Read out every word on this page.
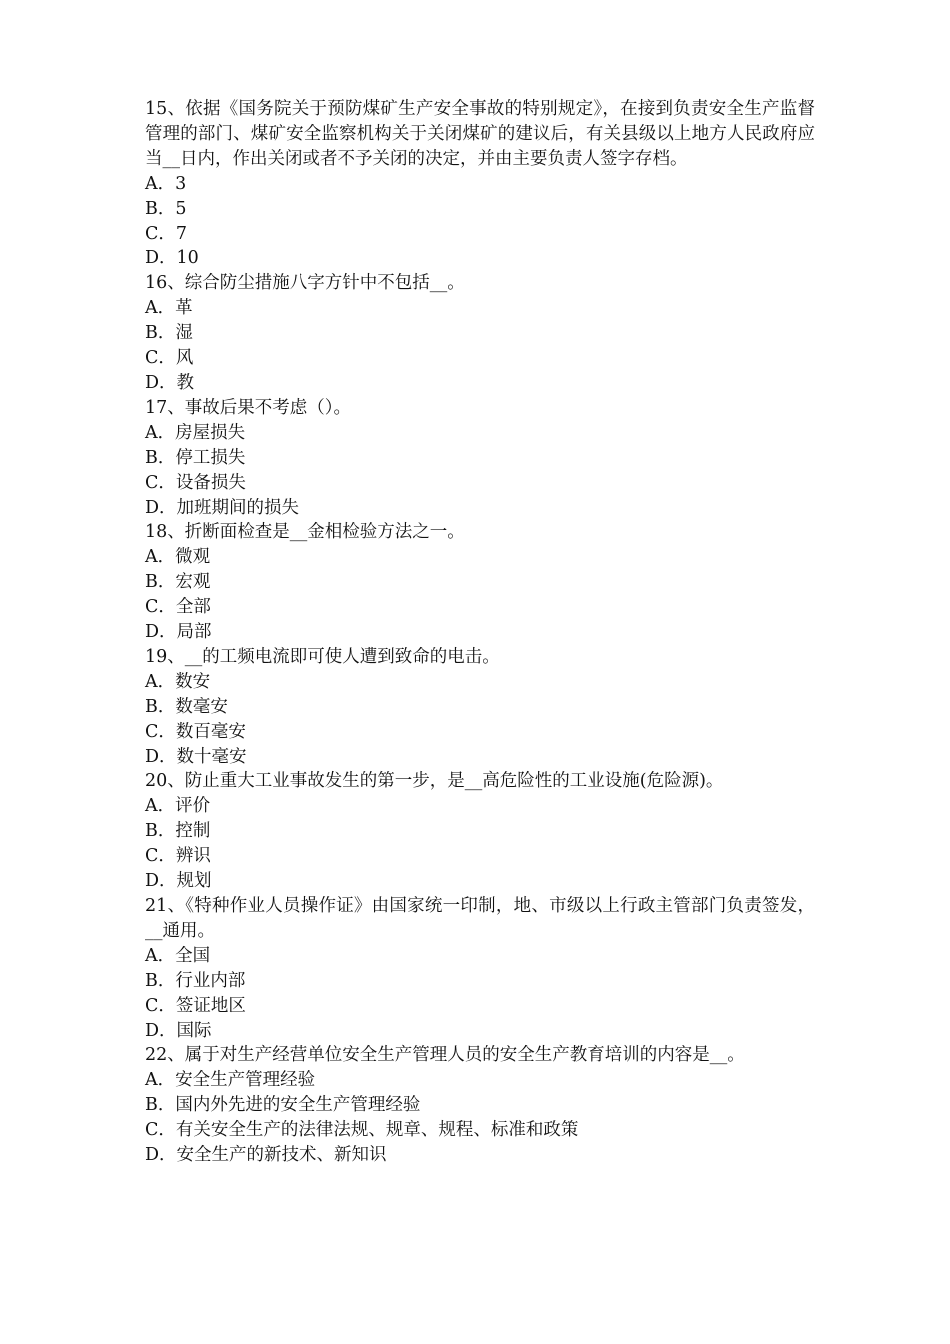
15、依据《国务院关于预防煤矿生产安全事故的特别规定》，在接到负责安全生产监督管理的部门、煤矿安全监察机构关于关闭煤矿的建议后，有关县级以上地方人民政府应当__日内，作出关闭或者不予关闭的决定，并由主要负责人签字存档。

A．3
B．5
C．7
D．10

16、综合防尘措施八字方针中不包括__。

A．革
B．湿
C．风
D．教

17、事故后果不考虑（）。

A．房屋损失
B．停工损失
C．设备损失
D．加班期间的损失

18、折断面检查是__金相检验方法之一。

A．微观
B．宏观
C．全部
D．局部

19、__的工频电流即可使人遭到致命的电击。

A．数安
B．数毫安
C．数百毫安
D．数十毫安

20、防止重大工业事故发生的第一步，是__高危险性的工业设施(危险源)。

A．评价
B．控制
C．辨识
D．规划

21、《特种作业人员操作证》由国家统一印制，地、市级以上行政主管部门负责签发，__通用。

A．全国
B．行业内部
C．签证地区
D．国际

22、属于对生产经营单位安全生产管理人员的安全生产教育培训的内容是__。

A．安全生产管理经验
B．国内外先进的安全生产管理经验
C．有关安全生产的法律法规、规章、规程、标准和政策
D．安全生产的新技术、新知识
